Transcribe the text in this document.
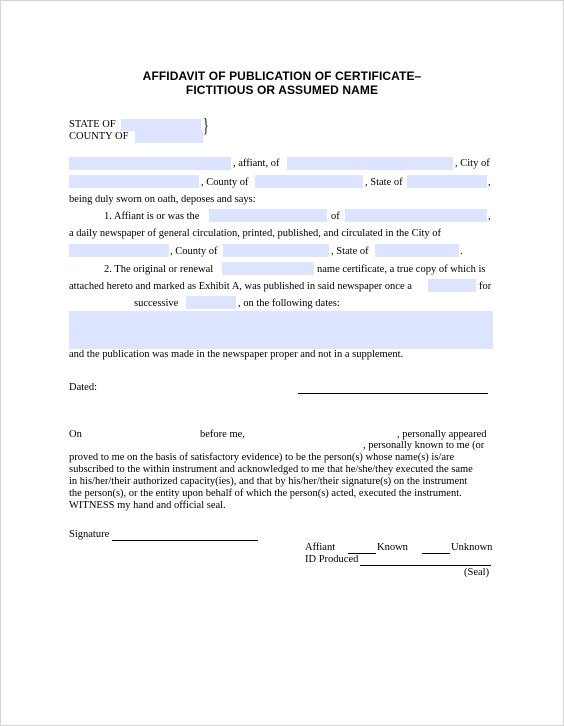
AFFIDAVIT OF PUBLICATION OF CERTIFICATE–
FICTITIOUS OR ASSUMED NAME
STATE OF
COUNTY OF	}
, affiant, of	, City of
, County of	, State of	,
being duly sworn on oath, deposes and says:
1. Affiant is or was the	of	,
a daily newspaper of general circulation, printed, published, and circulated in the City of
, County of	, State of	.
2. The original or renewal	name certificate, a true copy of which is
attached hereto and marked as Exhibit A, was published in said newspaper once a	for
successive	, on the following dates:
and the publication was made in the newspaper proper and not in a supplement.
Dated:
On	before me,	, personally appeared
, personally known to me (or
proved to me on the basis of satisfactory evidence) to be the person(s) whose name(s) is/are
subscribed to the within instrument and acknowledged to me that he/she/they executed the same
in his/her/their authorized capacity(ies), and that by his/her/their signature(s) on the instrument
the person(s), or the entity upon behalf of which the person(s) acted, executed the instrument.
WITNESS my hand and official seal.
Signature
Affiant	Known	Unknown
ID Produced
(Seal)
